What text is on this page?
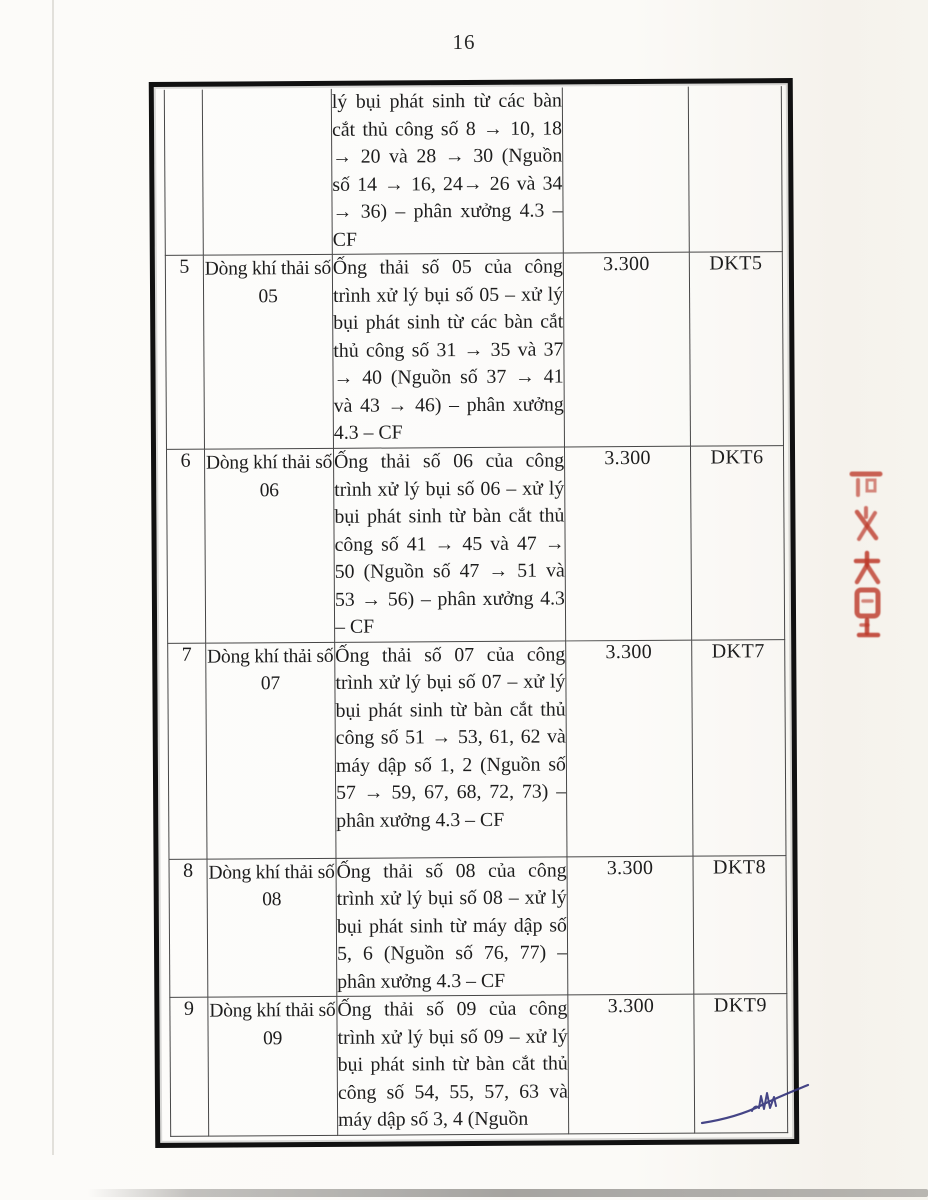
16
		lý bụi phát sinh từ các bàn cắt thủ công số 8 → 10, 18 → 20 và 28 → 30 (Nguồn số 14 → 16, 24→ 26 và 34 → 36) – phân xưởng 4.3 – CF		
5	Dòng khí thải số 05	Ống thải số 05 của công trình xử lý bụi số 05 – xử lý bụi phát sinh từ các bàn cắt thủ công số 31 → 35 và 37 → 40 (Nguồn số 37 → 41 và 43 → 46) – phân xưởng 4.3 – CF	3.300	DKT5
6	Dòng khí thải số 06	Ống thải số 06 của công trình xử lý bụi số 06 – xử lý bụi phát sinh từ bàn cắt thủ công số 41 → 45 và 47 → 50 (Nguồn số 47 → 51 và 53 → 56) – phân xưởng 4.3 – CF	3.300	DKT6
7	Dòng khí thải số 07	Ống thải số 07 của công trình xử lý bụi số 07 – xử lý bụi phát sinh từ bàn cắt thủ công số 51 → 53, 61, 62 và máy dập số 1, 2 (Nguồn số 57 → 59, 67, 68, 72, 73) – phân xưởng 4.3 – CF	3.300	DKT7
8	Dòng khí thải số 08	Ống thải số 08 của công trình xử lý bụi số 08 – xử lý bụi phát sinh từ máy dập số 5, 6 (Nguồn số 76, 77) – phân xưởng 4.3 – CF	3.300	DKT8
9	Dòng khí thải số 09	Ống thải số 09 của công trình xử lý bụi số 09 – xử lý bụi phát sinh từ bàn cắt thủ công số 54, 55, 57, 63 và máy dập số 3, 4 (Nguồn	3.300	DKT9
